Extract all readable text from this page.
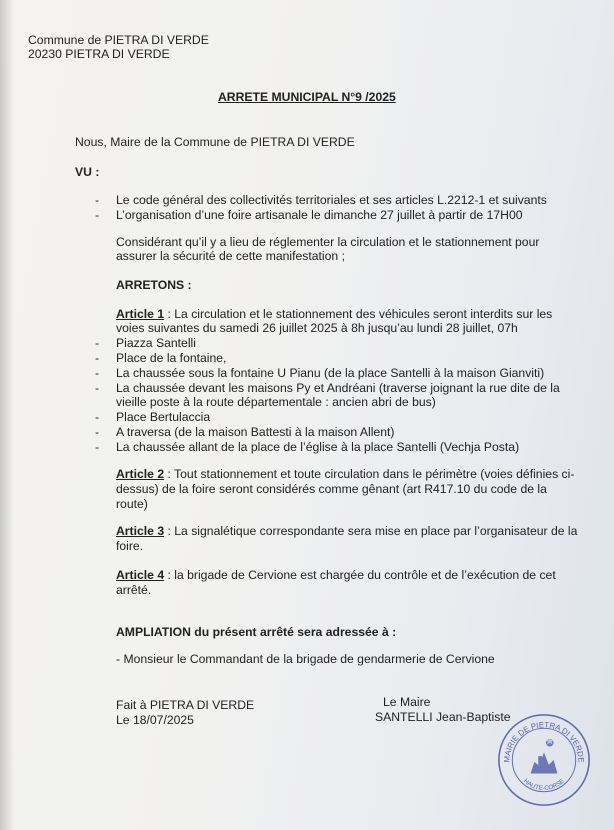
Commune de PIETRA DI VERDE
20230 PIETRA DI VERDE
ARRETE MUNICIPAL N°9 /2025
Nous, Maire de la Commune de PIETRA DI VERDE
VU :
- Le code général des collectivités territoriales et ses articles L.2212-1 et suivants
- L’organisation d’une foire artisanale le dimanche 27 juillet à partir de 17H00
Considérant qu’il y a lieu de réglementer la circulation et le stationnement pour
assurer la sécurité de cette manifestation ;
ARRETONS :
Article 1 : La circulation et le stationnement des véhicules seront interdits sur les
voies suivantes du samedi 26 juillet 2025 à 8h jusqu’au lundi 28 juillet, 07h
- Piazza Santelli
- Place de la fontaine,
- La chaussée sous la fontaine U Pianu (de la place Santelli à la maison Gianviti)
- La chaussée devant les maisons Py et Andréani (traverse joignant la rue dite de la
vieille poste à la route départementale : ancien abri de bus)
- Place Bertulaccia
- A traversa (de la maison Battesti à la maison Allent)
- La chaussée allant de la place de l’église à la place Santelli (Vechja Posta)
Article 2 : Tout stationnement et toute circulation dans le périmètre (voies définies ci-
dessus) de la foire seront considérés comme gênant (art R417.10 du code de la
route)
Article 3 : La signalétique correspondante sera mise en place par l’organisateur de la
foire.
Article 4 : la brigade de Cervione est chargée du contrôle et de l’exécution de cet
arrêté.
AMPLIATION du présent arrêté sera adressée à :
- Monsieur le Commandant de la brigade de gendarmerie de Cervione
Fait à PIETRA DI VERDE
Le 18/07/2025
Le Maire
SANTELLI Jean-Baptiste
MAIRIE DE PIETRA DI VERDE
HAUTE-CORSE
